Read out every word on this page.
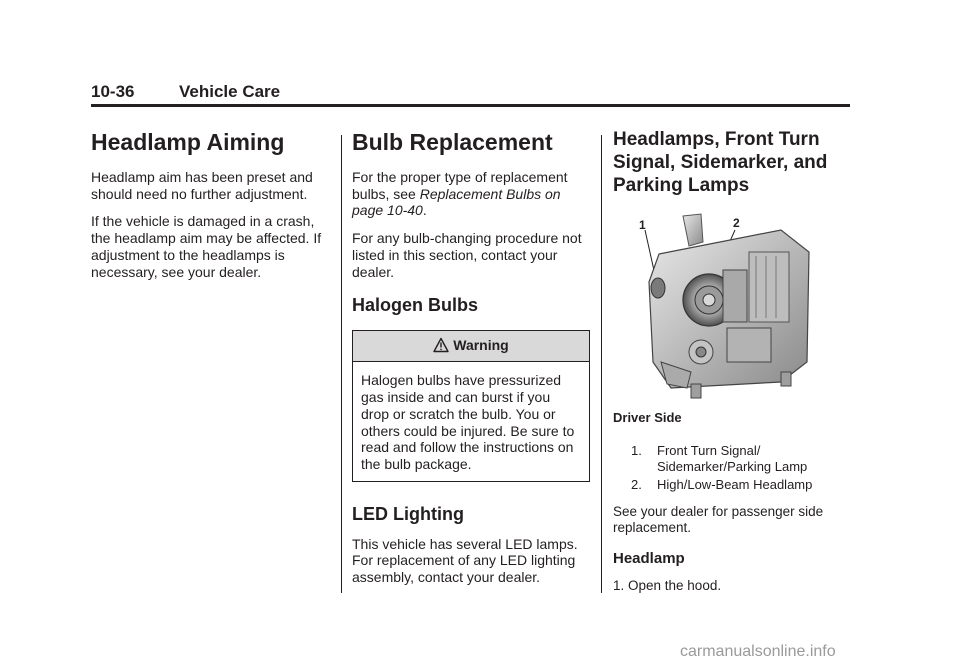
10-36	Vehicle Care
Headlamp Aiming

Headlamp aim has been preset and should need no further adjustment.

If the vehicle is damaged in a crash, the headlamp aim may be affected. If adjustment to the headlamps is necessary, see your dealer.

Bulb Replacement

For the proper type of replacement bulbs, see Replacement Bulbs on page 10-40.

For any bulb-changing procedure not listed in this section, contact your dealer.

Halogen Bulbs
Warning
Halogen bulbs have pressurized gas inside and can burst if you drop or scratch the bulb. You or others could be injured. Be sure to read and follow the instructions on the bulb package.
LED Lighting

This vehicle has several LED lamps. For replacement of any LED lighting assembly, contact your dealer.

Headlamps, Front Turn Signal, Sidemarker, and Parking Lamps
1	2

Driver Side

1. Front Turn Signal/ Sidemarker/Parking Lamp
2. High/Low-Beam Headlamp

See your dealer for passenger side replacement.

Headlamp

1. Open the hood.

carmanualsonline.info
